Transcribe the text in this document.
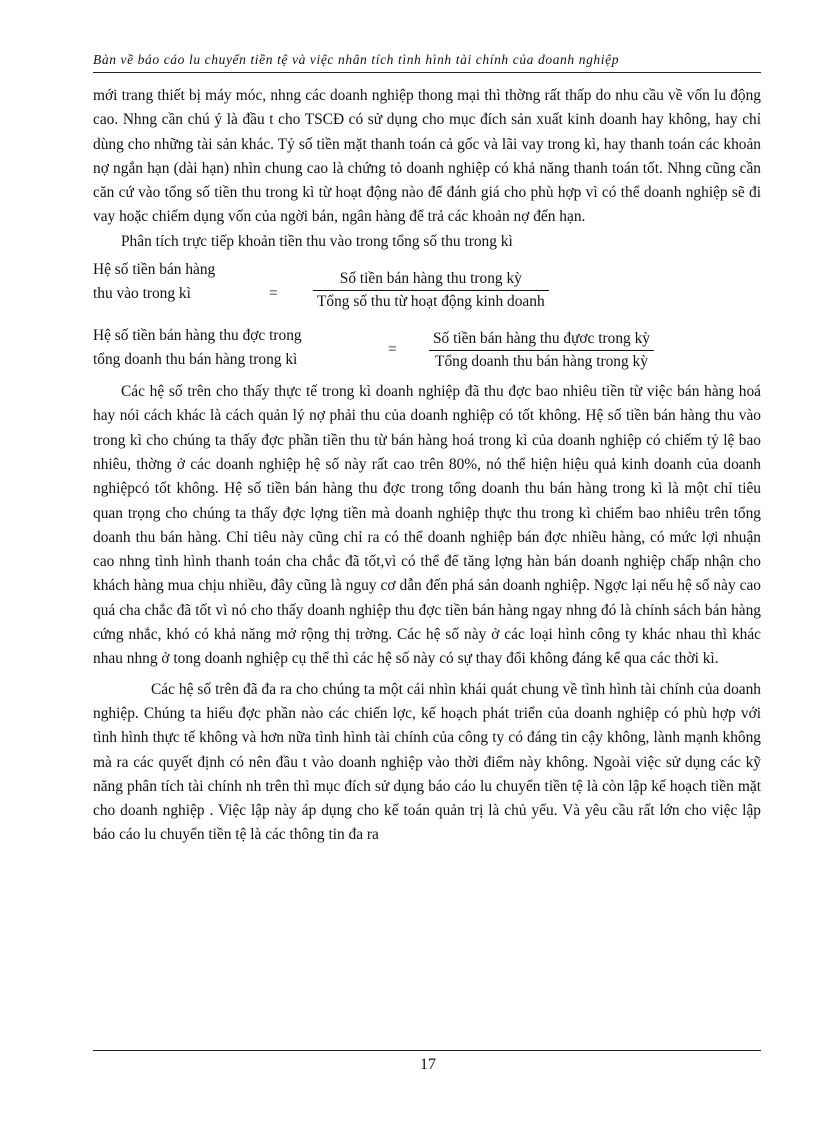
Bàn về báo cáo lu chuyển tiền tệ và việc nhân tích tình hình tài chính của doanh nghiệp

mới trang thiết bị máy móc, nhng các doanh nghiệp thong mại thì thờng rất thấp do nhu cầu về vốn lu động cao. Nhng cần chú ý là đầu t cho TSCĐ có sử dụng cho mục đích sản xuất kinh doanh hay không, hay chỉ dùng cho những tài sản khác. Tỷ số tiền mặt thanh toán cả gốc và lãi vay trong kì, hay thanh toán các khoản nợ ngắn hạn (dài hạn) nhìn chung cao là chứng tỏ doanh nghiệp có khả năng thanh toán tốt. Nhng cũng cần căn cứ vào tổng số tiền thu trong kì từ hoạt động nào để đánh giá cho phù hợp vì có thể doanh nghiệp sẽ đi vay hoặc chiếm dụng vốn của ngời bán, ngân hàng để trả các khoản nợ đến hạn.

Phân tích trực tiếp khoản tiền thu vào trong tổng số thu trong kì

Hệ số tiền bán hàng
thu vào trong kì	=
Số tiền bán hàng thu trong kỳ
Tổng số thu từ hoạt động kinh doanh
Hệ số tiền bán hàng thu đợc trong
tổng doanh thu bán hàng trong kì
=
Số tiền bán hàng thu đựơc trong kỳ
Tổng doanh thu bán hàng trong kỳ

Các hệ số trên cho thấy thực tế trong kì doanh nghiệp đã thu đợc bao nhiêu tiền từ việc bán hàng hoá hay nói cách khác là cách quản lý nợ phải thu của doanh nghiệp có tốt không. Hệ số tiền bán hàng thu vào trong kì cho chúng ta thấy đợc phần tiền thu từ bán hàng hoá trong kì của doanh nghiệp có chiếm tỷ lệ bao nhiêu, thờng ở các doanh nghiệp hệ số này rất cao trên 80%, nó thể hiện hiệu quả kinh doanh của doanh nghiệpcó tốt không. Hệ số tiền bán hàng thu đợc trong tổng doanh thu bán hàng trong kì là một chỉ tiêu quan trọng cho chúng ta thấy đợc lợng tiền mà doanh nghiệp thực thu trong kì chiếm bao nhiêu trên tổng doanh thu bán hàng. Chỉ tiêu này cũng chỉ ra có thể doanh nghiệp bán đợc nhiều hàng, có mức lợi nhuận cao nhng tình hình thanh toán cha chắc đã tốt,vì có thể để tăng lợng hàn bán doanh nghiệp chấp nhận cho khách hàng mua chịu nhiều, đây cũng là nguy cơ dẫn đến phá sản doanh nghiệp. Ngợc lại nếu hệ số này cao quá cha chắc đã tốt vì nó cho thấy doanh nghiệp thu đợc tiền bán hàng ngay nhng đó là chính sách bán hàng cứng nhắc, khó có khả năng mở rộng thị trờng. Các hệ số này ở các loại hình công ty khác nhau thì khác nhau nhng ở tong doanh nghiệp cụ thể thì các hệ số này có sự thay đổi không đáng kể qua các thời kì.

Các hệ số trên đã đa ra cho chúng ta một cái nhìn khái quát chung về tình hình tài chính của doanh nghiệp. Chúng ta hiểu đợc phần nào các chiến lợc, kế hoạch phát triển của doanh nghiệp có phù hợp với tình hình thực tế không và hơn nữa tình hình tài chính của công ty có đáng tin cậy không, lành mạnh không mà ra các quyết định có nên đầu t vào doanh nghiệp vào thời điểm này không. Ngoài việc sử dụng các kỹ năng phân tích tài chính nh trên thì mục đích sử dụng báo cáo lu chuyển tiền tệ là còn lập kế hoạch tiền mặt cho doanh nghiệp . Việc lập này áp dụng cho kế toán quản trị là chủ yếu. Và yêu cầu rất lớn cho việc lập báo cáo lu chuyển tiền tệ là các thông tin đa ra

17
